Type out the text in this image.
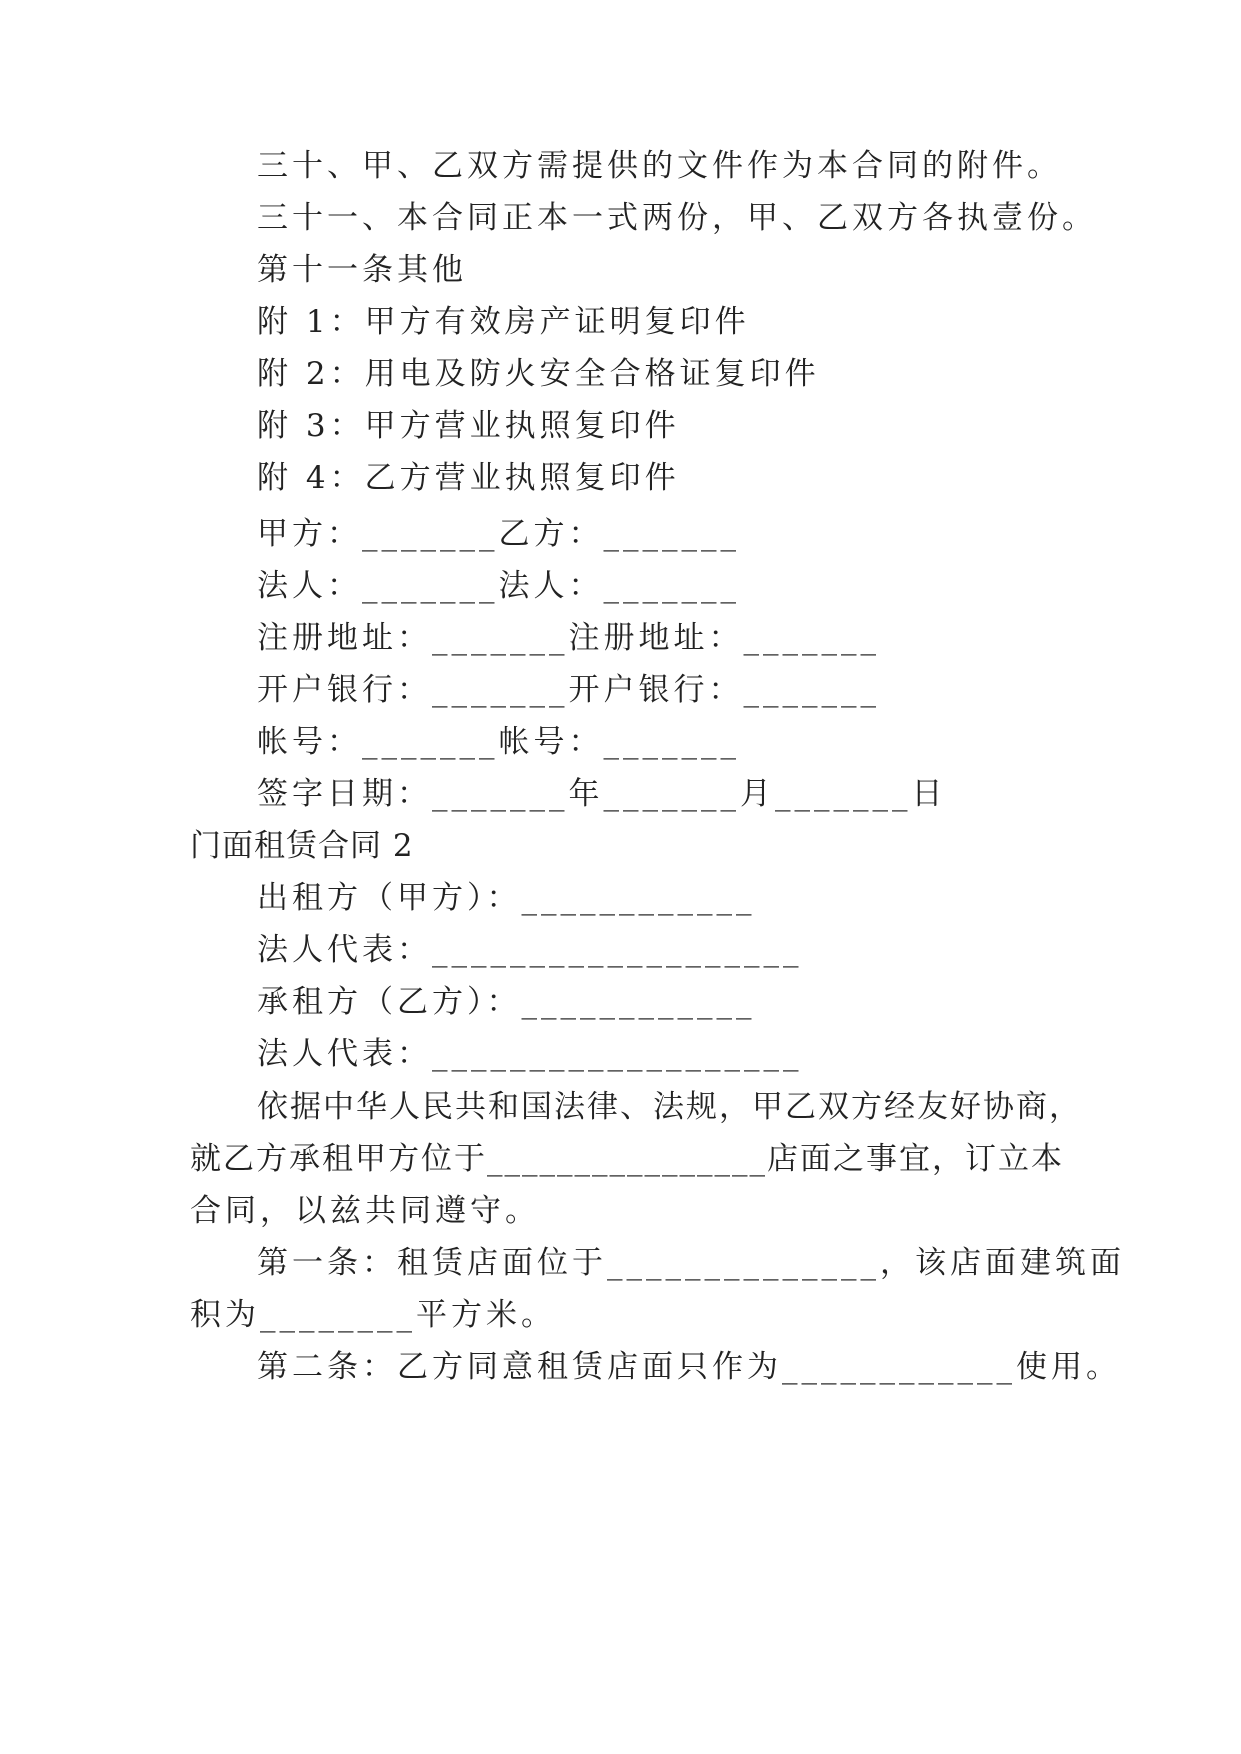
三十、甲、乙双方需提供的文件作为本合同的附件。
三十一、本合同正本一式两份，甲、乙双方各执壹份。
第十一条其他
附 1：甲方有效房产证明复印件
附 2：用电及防火安全合格证复印件
附 3：甲方营业执照复印件
附 4：乙方营业执照复印件
甲方：_______乙方：_______
法人：_______法人：_______
注册地址：_______注册地址：_______
开户银行：_______开户银行：_______
帐号：_______帐号：_______
签字日期：_______年_______月_______日
门面租赁合同 2
出租方（甲方）：____________
法人代表：___________________
承租方（乙方）：____________
法人代表：___________________
依据中华人民共和国法律、法规，甲乙双方经友好协商，
就乙方承租甲方位于________________店面之事宜，订立本
合同，以兹共同遵守。
第一条：租赁店面位于______________，该店面建筑面
积为________平方米。
第二条：乙方同意租赁店面只作为____________使用。
